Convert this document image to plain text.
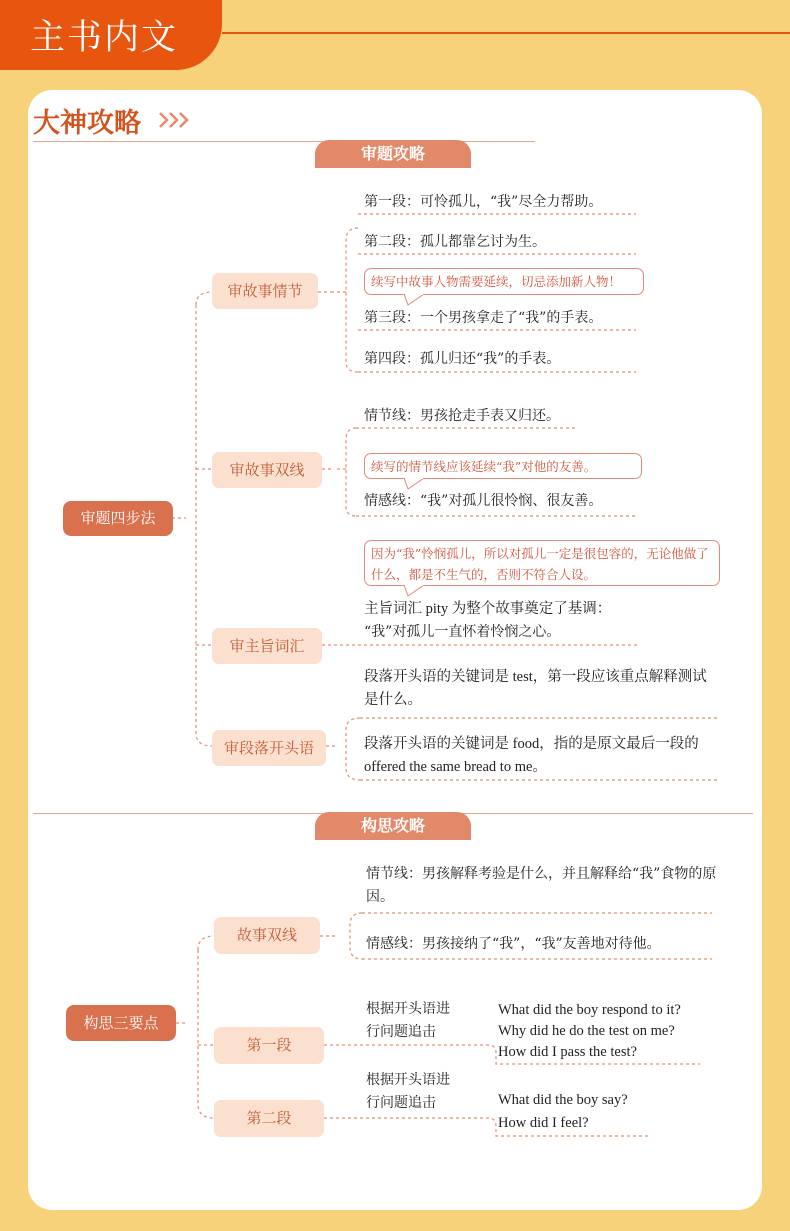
主书内文
大神攻略
审题攻略
审题四步法
审故事情节
第一段：可怜孤儿，“我”尽全力帮助。
第二段：孤儿都靠乞讨为生。
续写中故事人物需要延续，切忌添加新人物！
第三段：一个男孩拿走了“我”的手表。
第四段：孤儿归还“我”的手表。
审故事双线
情节线：男孩抢走手表又归还。
续写的情节线应该延续“我”对他的友善。
情感线：“我”对孤儿很怜悯、很友善。
审主旨词汇
因为“我”怜悯孤儿，所以对孤儿一定是很包容的，无论他做了什么，都是不生气的，否则不符合人设。
主旨词汇 pity 为整个故事奠定了基调：
“我”对孤儿一直怀着怜悯之心。
审段落开头语
段落开头语的关键词是 test，第一段应该重点解释测试是什么。
段落开头语的关键词是 food，指的是原文最后一段的 offered the same bread to me。
构思攻略
构思三要点
故事双线
情节线：男孩解释考验是什么，并且解释给“我”食物的原因。
情感线：男孩接纳了“我”，“我”友善地对待他。
第一段
根据开头语进
行问题追击
What did the boy respond to it?
Why did he do the test on me?
How did I pass the test?
第二段
根据开头语进
行问题追击	What did the boy say?
How did I feel?
